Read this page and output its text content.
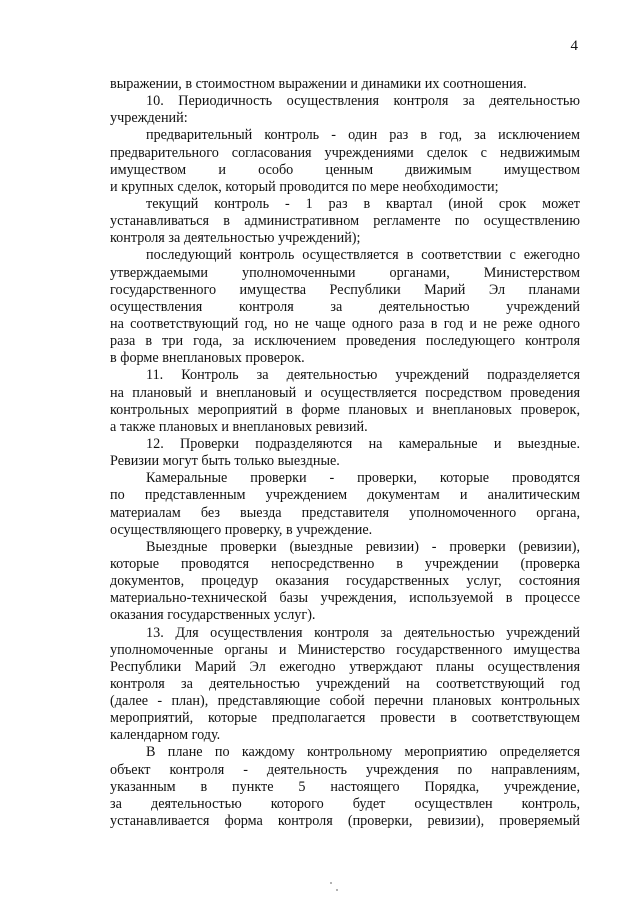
4
выражении, в стоимостном выражении и динамики их соотношения.
10. Периодичность осуществления контроля за деятельностью
учреждений:
предварительный контроль - один раз в год, за исключением
предварительного согласования учреждениями сделок с недвижимым
имуществом и особо ценным движимым имуществом
и крупных сделок, который проводится по мере необходимости;
текущий контроль - 1 раз в квартал (иной срок может
устанавливаться в административном регламенте по осуществлению
контроля за деятельностью учреждений);
последующий контроль осуществляется в соответствии с ежегодно
утверждаемыми уполномоченными органами, Министерством
государственного имущества Республики Марий Эл планами
осуществления контроля за деятельностью учреждений
на соответствующий год, но не чаще одного раза в год и не реже одного
раза в три года, за исключением проведения последующего контроля
в форме внеплановых проверок.
11. Контроль за деятельностью учреждений подразделяется
на плановый и внеплановый и осуществляется посредством проведения
контрольных мероприятий в форме плановых и внеплановых проверок,
а также плановых и внеплановых ревизий.
12. Проверки подразделяются на камеральные и выездные.
Ревизии могут быть только выездные.
Камеральные проверки - проверки, которые проводятся
по представленным учреждением документам и аналитическим
материалам без выезда представителя уполномоченного органа,
осуществляющего проверку, в учреждение.
Выездные проверки (выездные ревизии) - проверки (ревизии),
которые проводятся непосредственно в учреждении (проверка
документов, процедур оказания государственных услуг, состояния
материально-технической базы учреждения, используемой в процессе
оказания государственных услуг).
13. Для осуществления контроля за деятельностью учреждений
уполномоченные органы и Министерство государственного имущества
Республики Марий Эл ежегодно утверждают планы осуществления
контроля за деятельностью учреждений на соответствующий год
(далее - план), представляющие собой перечни плановых контрольных
мероприятий, которые предполагается провести в соответствующем
календарном году.
В плане по каждому контрольному мероприятию определяется
объект контроля - деятельность учреждения по направлениям,
указанным в пункте 5 настоящего Порядка, учреждение,
за деятельностью которого будет осуществлен контроль,
устанавливается форма контроля (проверки, ревизии), проверяемый
